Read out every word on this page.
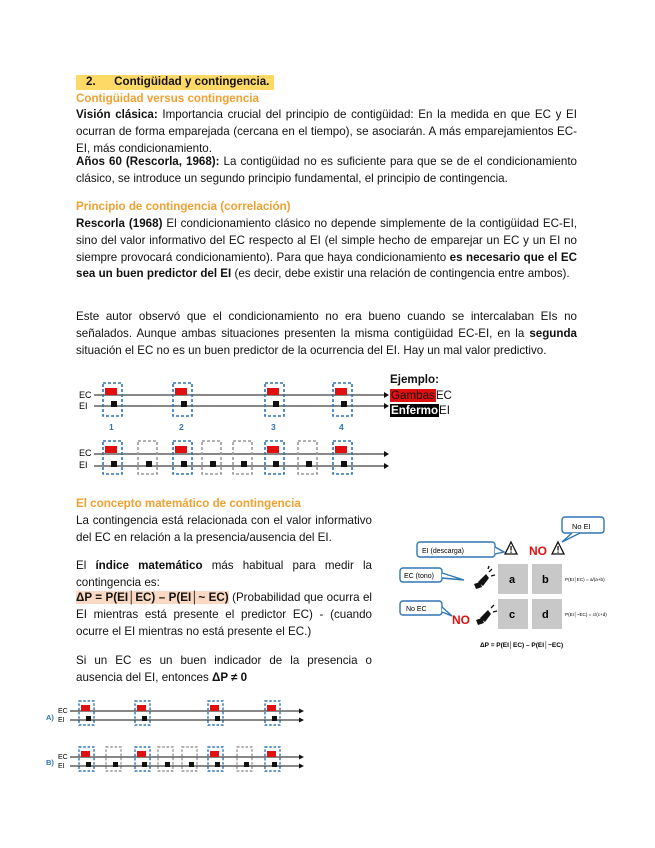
2. Contigüidad y contingencia.
Contigüidad versus contingencia

Visión clásica: Importancia crucial del principio de contigüidad: En la medida en que EC y EI ocurran de forma emparejada (cercana en el tiempo), se asociarán. A más emparejamientos EC-EI, más condicionamiento.

Años 60 (Rescorla, 1968): La contigüidad no es suficiente para que se de el condicionamiento clásico, se introduce un segundo principio fundamental, el principio de contingencia.

Principio de contingencia (correlación)

Rescorla (1968) El condicionamiento clásico no depende simplemente de la contigüidad EC-EI, sino del valor informativo del EC respecto al EI (el simple hecho de emparejar un EC y un EI no siempre provocará condicionamiento). Para que haya condicionamiento es necesario que el EC sea un buen predictor del EI (es decir, debe existir una relación de contingencia entre ambos).

Este autor observó que el condicionamiento no era bueno cuando se intercalaban EIs no señalados. Aunque ambas situaciones presenten la misma contigüidad EC-EI, en la segunda situación el EC no es un buen predictor de la ocurrencia del EI. Hay un mal valor predictivo.

EC
EI
1	2	3	4
EC
EI
Ejemplo:
GambasEC
EnfermoEI
El concepto matemático de contingencia

La contingencia está relacionada con el valor informativo del EC en relación a la presencia/ausencia del EI.

El índice matemático más habitual para medir la contingencia es:

ΔP = P(EI│EC) – P(EI│~ EC) (Probabilidad que ocurra el EI mientras está presente el predictor EC) - (cuando ocurre el EI mientras no está presente el EC.)

Si un EC es un buen indicador de la presencia o ausencia del EI, entonces ΔP ≠ 0

No EI
EI (descarga)	NO
EC (tono)
No EC
NO
a b
c d
P(EI│EC) = a/(a+b)
P(EI│~EC) = c/(c+d)
ΔP = P(EI│EC) – P(EI│~EC)
A)
EC
EI
B)
EC
EI
